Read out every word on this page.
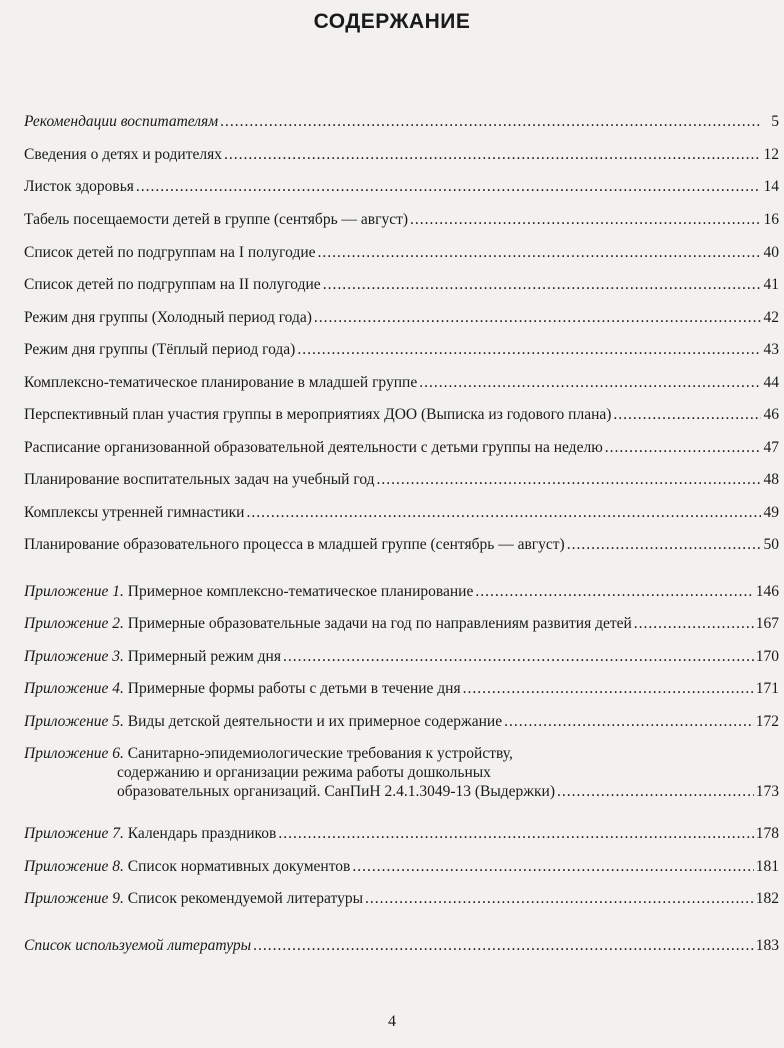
СОДЕРЖАНИЕ
Рекомендации воспитателям .....	5
Сведения о детях и родителях .....	12
Листок здоровья .....	14
Табель посещаемости детей в группе (сентябрь — август) .....	16
Список детей по подгруппам на I полугодие .....	40
Список детей по подгруппам на II полугодие .....	41
Режим дня группы (Холодный период года) .....	42
Режим дня группы (Тёплый период года) .....	43
Комплексно-тематическое планирование в младшей группе .....	44
Перспективный план участия группы в мероприятиях ДОО (Выписка из годового плана) .....	46
Расписание организованной образовательной деятельности с детьми группы на неделю .....	47
Планирование воспитательных задач на учебный год .....	48
Комплексы утренней гимнастики .....	49
Планирование образовательного процесса в младшей группе (сентябрь — август) .....	50
Приложение 1. Примерное комплексно-тематическое планирование .....	146
Приложение 2. Примерные образовательные задачи на год по направлениям развития детей .....	167
Приложение 3. Примерный режим дня .....	170
Приложение 4. Примерные формы работы с детьми в течение дня .....	171
Приложение 5. Виды детской деятельности и их примерное содержание .....	172
Приложение 6. Санитарно-эпидемиологические требования к устройству,
содержанию и организации режима работы дошкольных
образовательных организаций. СанПиН 2.4.1.3049-13 (Выдержки) .....	173
Приложение 7. Календарь праздников .....	178
Приложение 8. Список нормативных документов .....	181
Приложение 9. Список рекомендуемой литературы .....	182
Список используемой литературы .....	183
4
